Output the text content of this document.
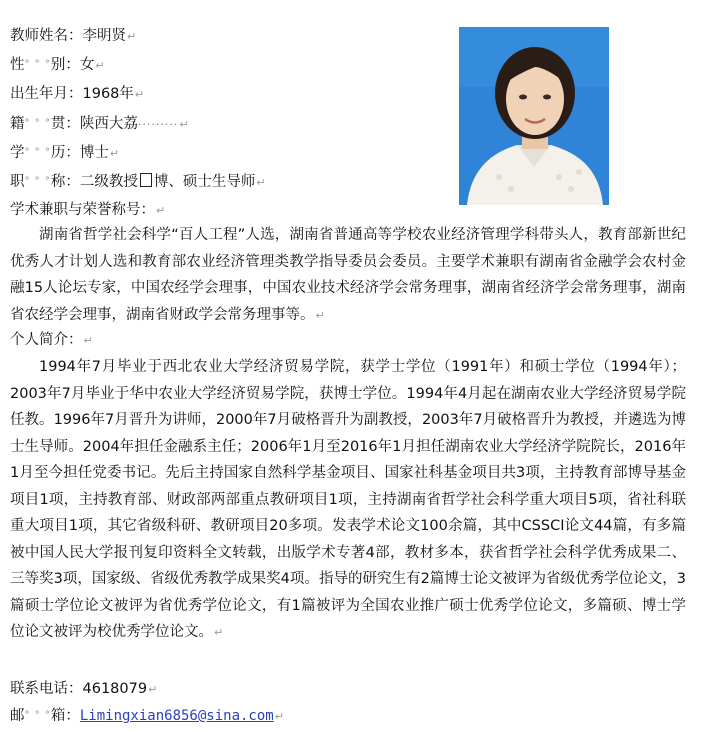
教师姓名：李明贤↵
性° ° °别：女↵
出生年月：1968年↵
籍° ° °贯：陕西大荔·········↵
学° ° °历：博士↵
职° ° °称：二级教授 博、硕士生导师↵
学术兼职与荣誉称号：↵
湖南省哲学社会科学“百人工程”人选，湖南省普通高等学校农业经济管理学科带头人，教育部新世纪优秀人才计划人选和教育部农业经济管理类教学指导委员会委员。主要学术兼职有湖南省金融学会农村金融15人论坛专家，中国农经学会理事，中国农业技术经济学会常务理事，湖南省经济学会常务理事，湖南省农经学会理事，湖南省财政学会常务理事等。↵
个人简介：↵
1994年7月毕业于西北农业大学经济贸易学院，获学士学位（1991年）和硕士学位（1994年）；2003年7月毕业于华中农业大学经济贸易学院，获博士学位。1994年4月起在湖南农业大学经济贸易学院任教。1996年7月晋升为讲师，2000年7月破格晋升为副教授，2003年7月破格晋升为教授，并遴选为博士生导师。2004年担任金融系主任；2006年1月至2016年1月担任湖南农业大学经济学院院长，2016年1月至今担任党委书记。先后主持国家自然科学基金项目、国家社科基金项目共3项，主持教育部博导基金项目1项，主持教育部、财政部两部重点教研项目1项，主持湖南省哲学社会科学重大项目5项，省社科联重大项目1项，其它省级科研、教研项目20多项。发表学术论文100余篇，其中CSSCI论文44篇，有多篇被中国人民大学报刊复印资料全文转载，出版学术专著4部，教材多本，获省哲学社会科学优秀成果二、三等奖3项，国家级、省级优秀教学成果奖4项。指导的研究生有2篇博士论文被评为省级优秀学位论文，3篇硕士学位论文被评为省优秀学位论文，有1篇被评为全国农业推广硕士优秀学位论文，多篇硕、博士学位论文被评为校优秀学位论文。↵
联系电话：4618079↵
邮° ° °箱：Limingxian6856@sina.com↵
